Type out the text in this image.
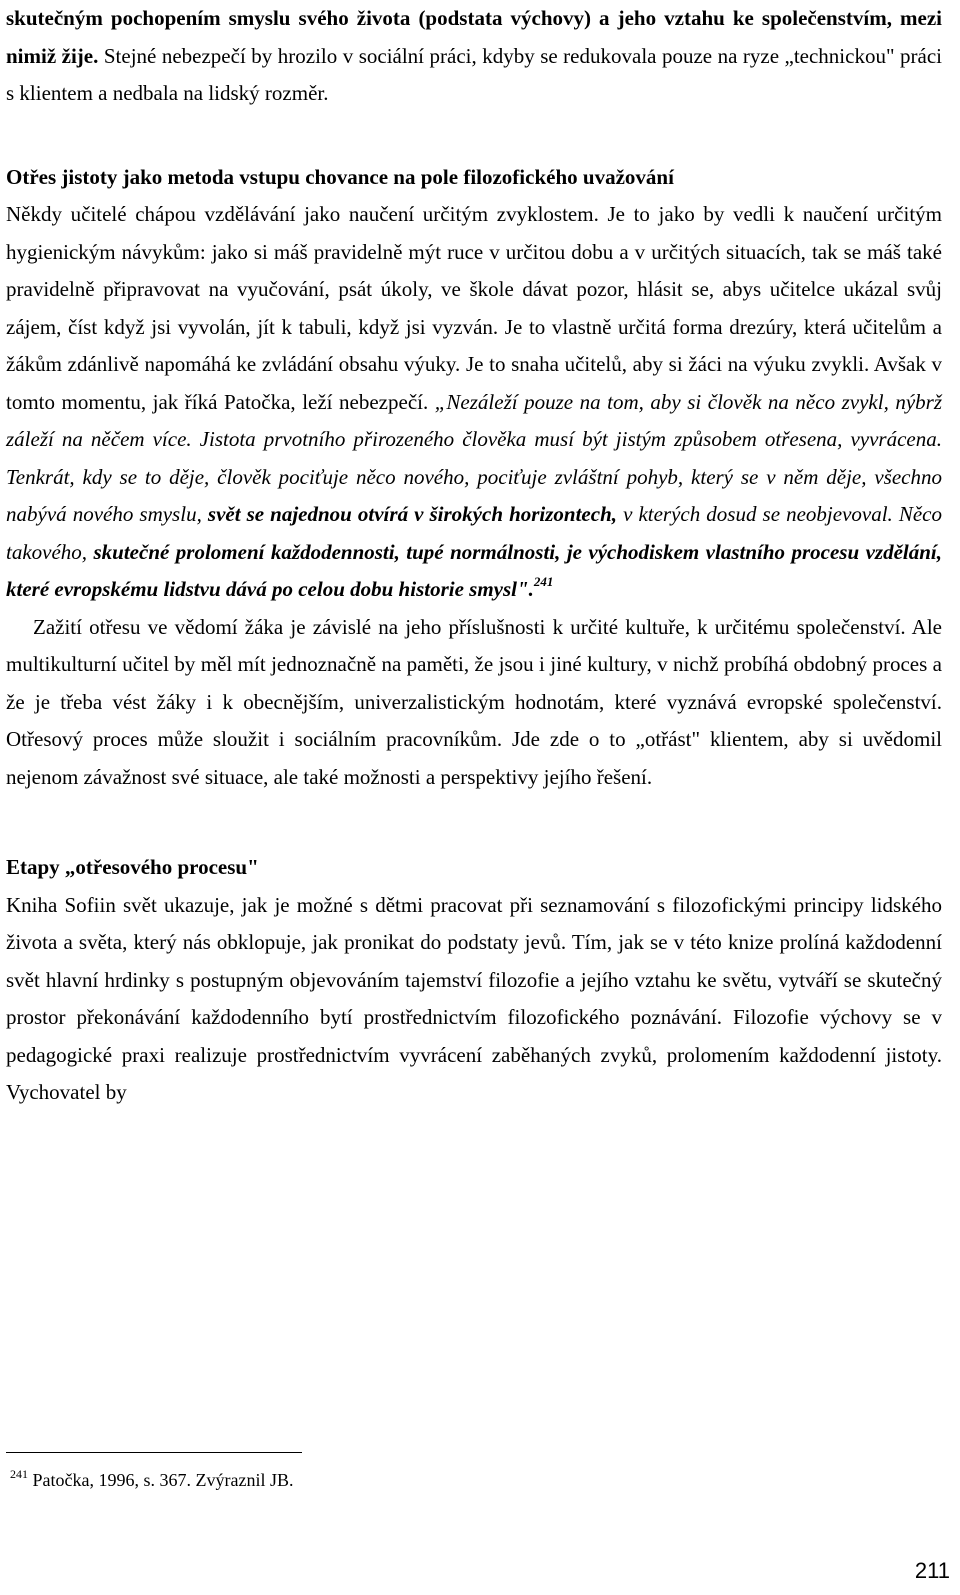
skutečným pochopením smyslu svého života (podstata výchovy) a jeho vztahu ke společenstvím, mezi nimiž žije. Stejné nebezpečí by hrozilo v sociální práci, kdyby se redukovala pouze na ryze „technickou" práci s klientem a nedbala na lidský rozměr.

Otřes jistoty jako metoda vstupu chovance na pole filozofického uvažování

Někdy učitelé chápou vzdělávání jako naučení určitým zvyklostem. Je to jako by vedli k naučení určitým hygienickým návykům: jako si máš pravidelně mýt ruce v určitou dobu a v určitých situacích, tak se máš také pravidelně připravovat na vyučování, psát úkoly, ve škole dávat pozor, hlásit se, abys učitelce ukázal svůj zájem, číst když jsi vyvolán, jít k tabuli, když jsi vyzván. Je to vlastně určitá forma drezúry, která učitelům a žákům zdánlivě napomáhá ke zvládání obsahu výuky. Je to snaha učitelů, aby si žáci na výuku zvykli. Avšak v tomto momentu, jak říká Patočka, leží nebezpečí. „Nezáleží pouze na tom, aby si člověk na něco zvykl, nýbrž záleží na něčem více. Jistota prvotního přirozeného člověka musí být jistým způsobem otřesena, vyvrácena. Tenkrát, kdy se to děje, člověk pociťuje něco nového, pociťuje zvláštní pohyb, který se v něm děje, všechno nabývá nového smyslu, svět se najednou otvírá v širokých horizontech, v kterých dosud se neobjevoval. Něco takového, skutečné prolomení každodennosti, tupé normálnosti, je východiskem vlastního procesu vzdělání, které evropskému lidstvu dává po celou dobu historie smysl".$^{241}$

Zažití otřesu ve vědomí žáka je závislé na jeho příslušnosti k určité kultuře, k určitému společenství. Ale multikulturní učitel by měl mít jednoznačně na paměti, že jsou i jiné kultury, v nichž probíhá obdobný proces a že je třeba vést žáky i k obecnějším, univerzalistickým hodnotám, které vyznává evropské společenství. Otřesový proces může sloužit i sociálním pracovníkům. Jde zde o to „otřást" klientem, aby si uvědomil nejenom závažnost své situace, ale také možnosti a perspektivy jejího řešení.

Etapy „otřesového procesu"

Kniha Sofiin svět ukazuje, jak je možné s dětmi pracovat při seznamování s filozofickými principy lidského života a světa, který nás obklopuje, jak pronikat do podstaty jevů. Tím, jak se v této knize prolíná každodenní svět hlavní hrdinky s postupným objevováním tajemství filozofie a jejího vztahu ke světu, vytváří se skutečný prostor překonávání každodenního bytí prostřednictvím filozofického poznávání. Filozofie výchovy se v pedagogické praxi realizuje prostřednictvím vyvrácení zaběhaných zvyků, prolomením každodenní jistoty. Vychovatel by

$^{241}$ Patočka, 1996, s. 367. Zvýraznil JB.
211
